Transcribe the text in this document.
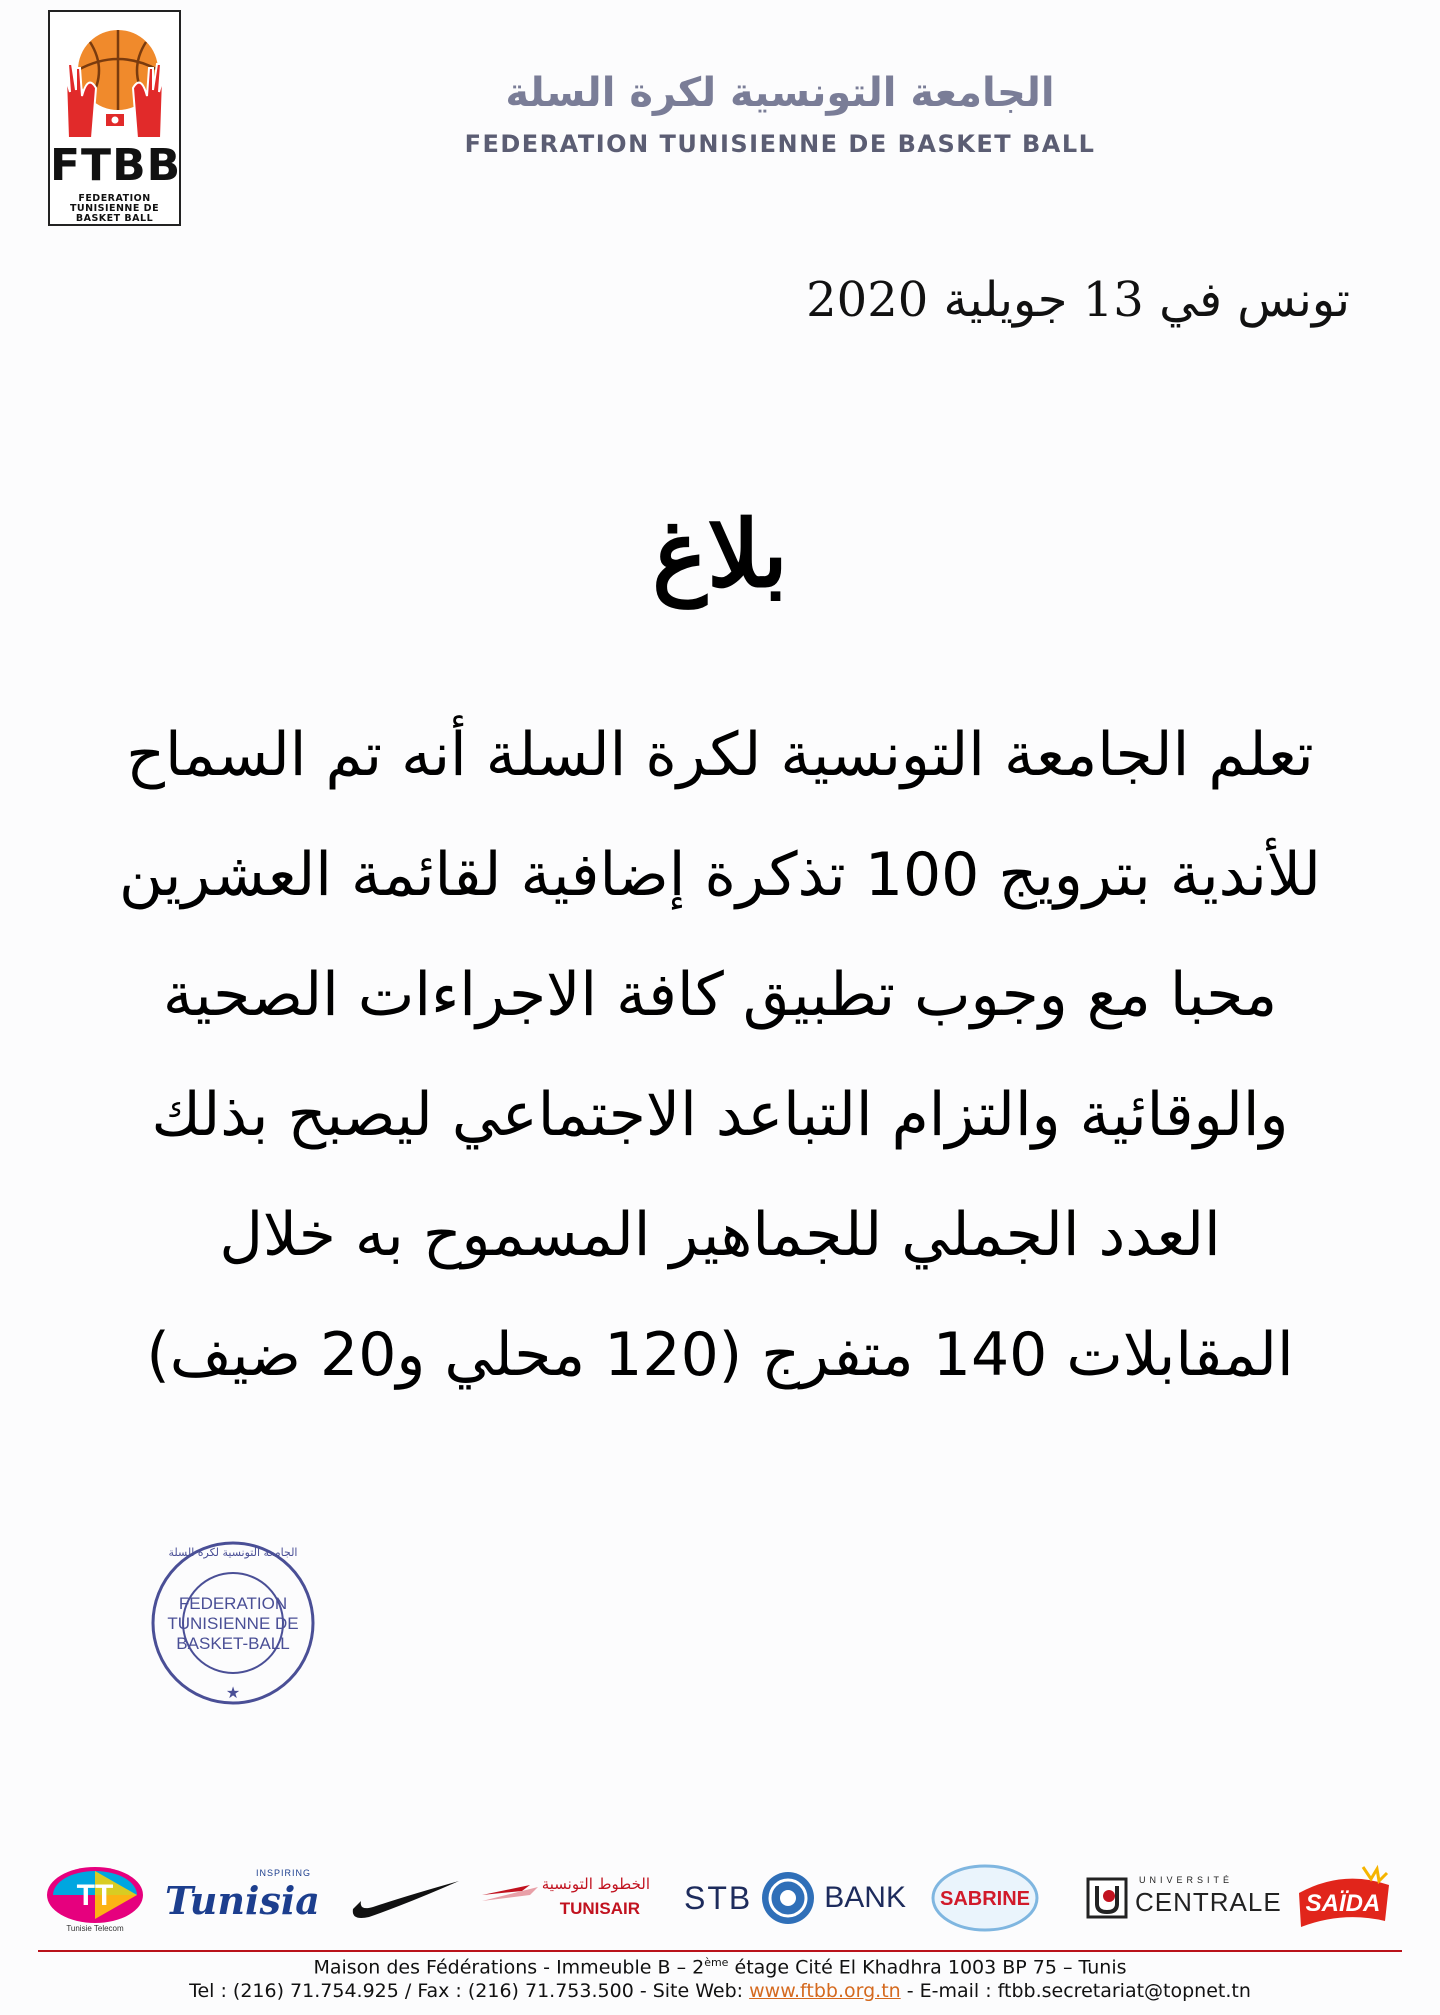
FTBB
FEDERATION
TUNISIENNE DE
BASKET BALL
الجامعة التونسية لكرة السلة
FEDERATION TUNISIENNE DE BASKET BALL
تونس في 13 جويلية 2020
بلاغ
تعلم الجامعة التونسية لكرة السلة أنه تم السماح
للأندية بترويج 100 تذكرة إضافية لقائمة العشرين
محبا مع وجوب تطبيق كافة الاجراءات الصحية
والوقائية والتزام التباعد الاجتماعي ليصبح بذلك
العدد الجملي للجماهير المسموح به خلال
المقابلات 140 متفرج (120 محلي و20 ضيف)
★
الجامعة التونسية لكرة السلة
FEDERATION
TUNISIENNE DE
BASKET-BALL
TT
Tunisie Telecom
INSPIRING
Tunisia	الخطوط التونسية
TUNISAIR STB BANK SABRINE
UNIVERSITÉ
CENTRALE SAÏDA
Maison des Fédérations - Immeuble B – 2ème étage Cité El Khadhra 1003 BP 75 – Tunis
Tel : (216) 71.754.925 / Fax : (216) 71.753.500 - Site Web: www.ftbb.org.tn - E-mail : ftbb.secretariat@topnet.tn
